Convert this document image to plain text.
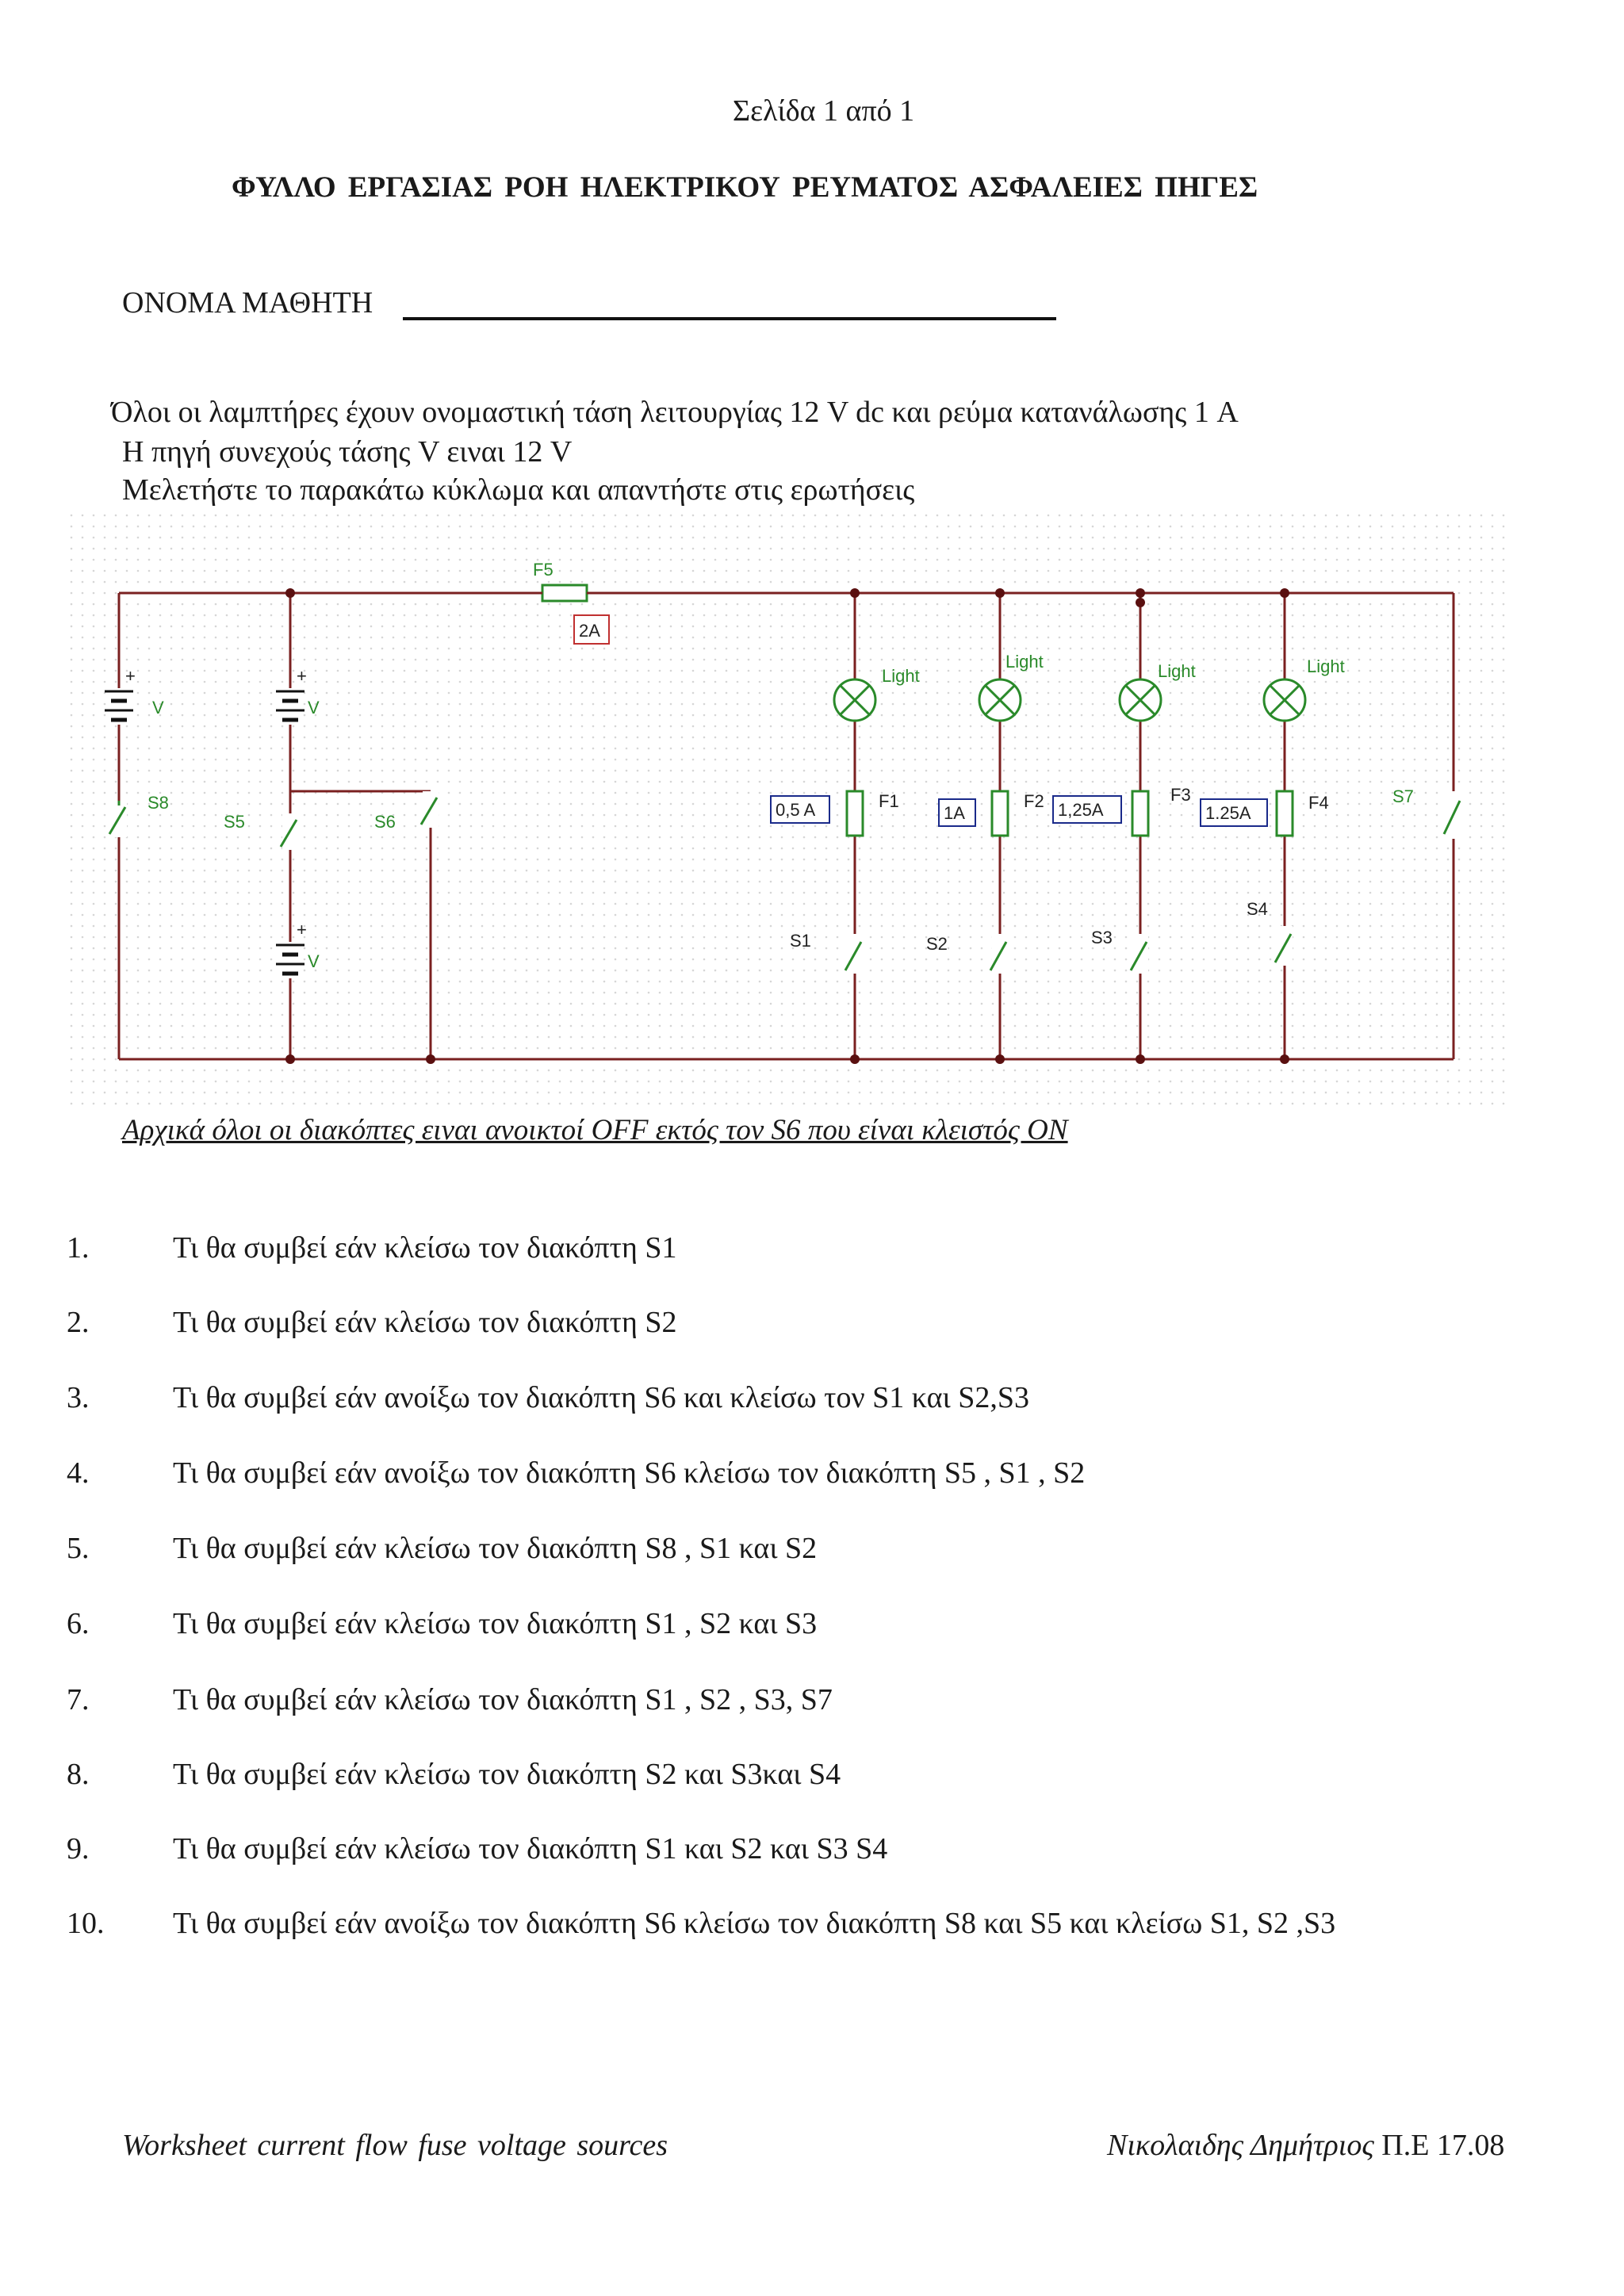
Σελίδα 1 από 1
ΦΥΛΛΟ ΕΡΓΑΣΙΑΣ ΡΟΗ ΗΛΕΚΤΡΙΚΟΥ ΡΕΥΜΑΤΟΣ ΑΣΦΑΛΕΙΕΣ ΠΗΓΕΣ
ΟΝΟΜΑ ΜΑΘΗΤΗ
Όλοι οι λαμπτήρες έχουν ονομαστική τάση λειτουργίας 12 V dc και ρεύμα κατανάλωσης 1 A
Η πηγή συνεχούς τάσης V ειναι 12 V
Μελετήστε το παρακάτω κύκλωμα και απαντήστε στις ερωτήσεις
F5
2A
+
V
+
V
+
V
Light
Light	Light	Light
F1
0,5 A	F2
1A
F3
1,25A	F4
1.25A
S8
S5	S6
S7
S1	S2	S3
S4
Αρχικά όλοι οι διακόπτες ειναι ανοικτοί OFF εκτός τον S6 που είναι κλειστός ON
1.	Τι θα συμβεί εάν κλείσω τον διακόπτη S1
2.	Τι θα συμβεί εάν κλείσω τον διακόπτη S2
3.	Τι θα συμβεί εάν ανοίξω τον διακόπτη S6 και κλείσω τον S1 και S2,S3
4.	Τι θα συμβεί εάν ανοίξω τον διακόπτη S6 κλείσω τον διακόπτη S5 , S1 , S2
5.	Τι θα συμβεί εάν κλείσω τον διακόπτη S8 , S1 και S2
6.	Τι θα συμβεί εάν κλείσω τον διακόπτη S1 , S2 και S3
7.	Τι θα συμβεί εάν κλείσω τον διακόπτη S1 , S2 , S3, S7
8.	Τι θα συμβεί εάν κλείσω τον διακόπτη S2 και S3και S4
9.	Τι θα συμβεί εάν κλείσω τον διακόπτη S1 και S2 και S3 S4
10. Τι θα συμβεί εάν ανοίξω τον διακόπτη S6 κλείσω τον διακόπτη S8 και S5 και κλείσω S1, S2 ,S3
Worksheet current flow fuse voltage sources	Νικολαιδης Δημήτριος Π.Ε 17.08
